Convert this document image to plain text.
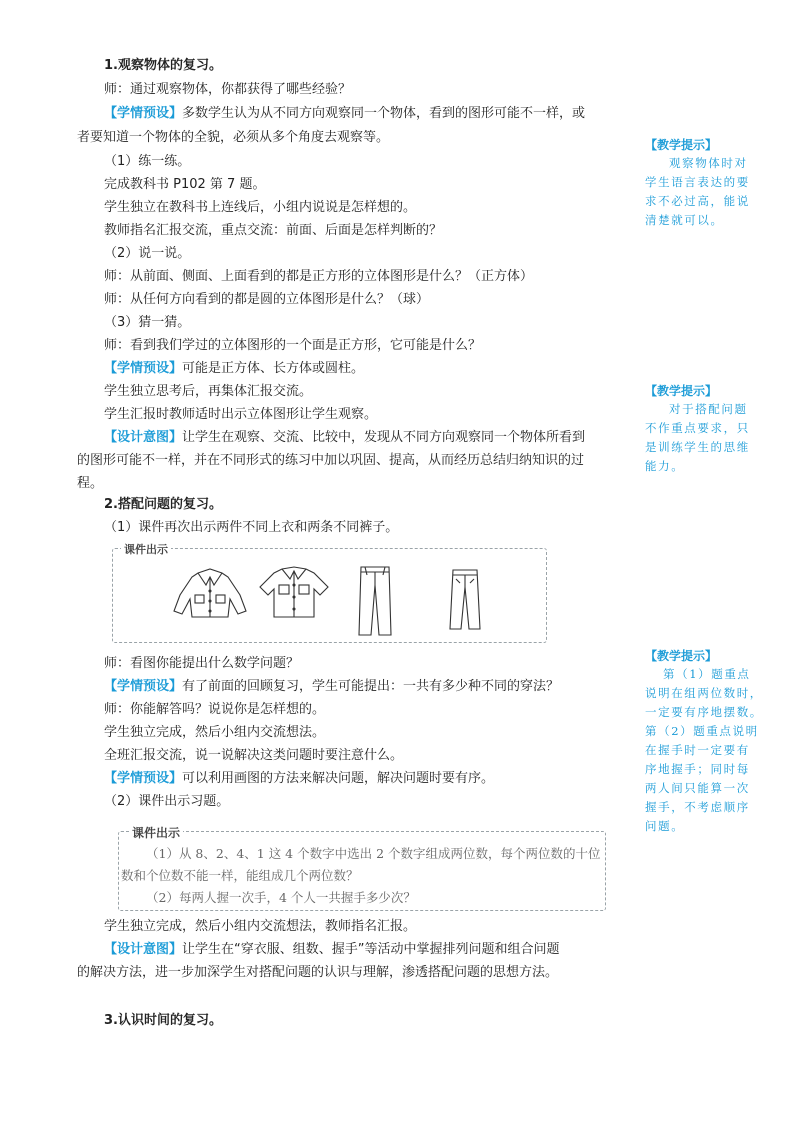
1.观察物体的复习。
师：通过观察物体，你都获得了哪些经验？
【学情预设】多数学生认为从不同方向观察同一个物体，看到的图形可能不一样，或
者要知道一个物体的全貌，必须从多个角度去观察等。
（1）练一练。
完成教科书 P102 第 7 题。
学生独立在教科书上连线后，小组内说说是怎样想的。
教师指名汇报交流，重点交流：前面、后面是怎样判断的？
（2）说一说。
师：从前面、侧面、上面看到的都是正方形的立体图形是什么？（正方体）
师：从任何方向看到的都是圆的立体图形是什么？（球）
（3）猜一猜。
师：看到我们学过的立体图形的一个面是正方形，它可能是什么？
【学情预设】可能是正方体、长方体或圆柱。
学生独立思考后，再集体汇报交流。
学生汇报时教师适时出示立体图形让学生观察。
【设计意图】让学生在观察、交流、比较中，发现从不同方向观察同一个物体所看到
的图形可能不一样，并在不同形式的练习中加以巩固、提高，从而经历总结归纳知识的过
程。
2.搭配问题的复习。
（1）课件再次出示两件不同上衣和两条不同裤子。
课件出示
师：看图你能提出什么数学问题？
【学情预设】有了前面的回顾复习，学生可能提出：一共有多少种不同的穿法？
师：你能解答吗？说说你是怎样想的。
学生独立完成，然后小组内交流想法。
全班汇报交流，说一说解决这类问题时要注意什么。
【学情预设】可以利用画图的方法来解决问题，解决问题时要有序。
（2）课件出示习题。
课件出示
（1）从 8、2、4、1 这 4 个数字中选出 2 个数字组成两位数，每个两位数的十位
数和个位数不能一样，能组成几个两位数？
（2）每两人握一次手，4 个人一共握手多少次？
学生独立完成，然后小组内交流想法，教师指名汇报。
【设计意图】让学生在“穿衣服、组数、握手”等活动中掌握排列问题和组合问题
的解决方法，进一步加深学生对搭配问题的认识与理解，渗透搭配问题的思想方法。
3.认识时间的复习。
【教学提示】
观察物体时对
学生语言表达的要
求不必过高，能说
清楚就可以。
【教学提示】
对于搭配问题
不作重点要求，只
是训练学生的思维
能力。
【教学提示】
第（1）题重点
说明在组两位数时，
一定要有序地摆数。
第（2）题重点说明
在握手时一定要有
序地握手；同时每
两人间只能算一次
握手，不考虑顺序
问题。
